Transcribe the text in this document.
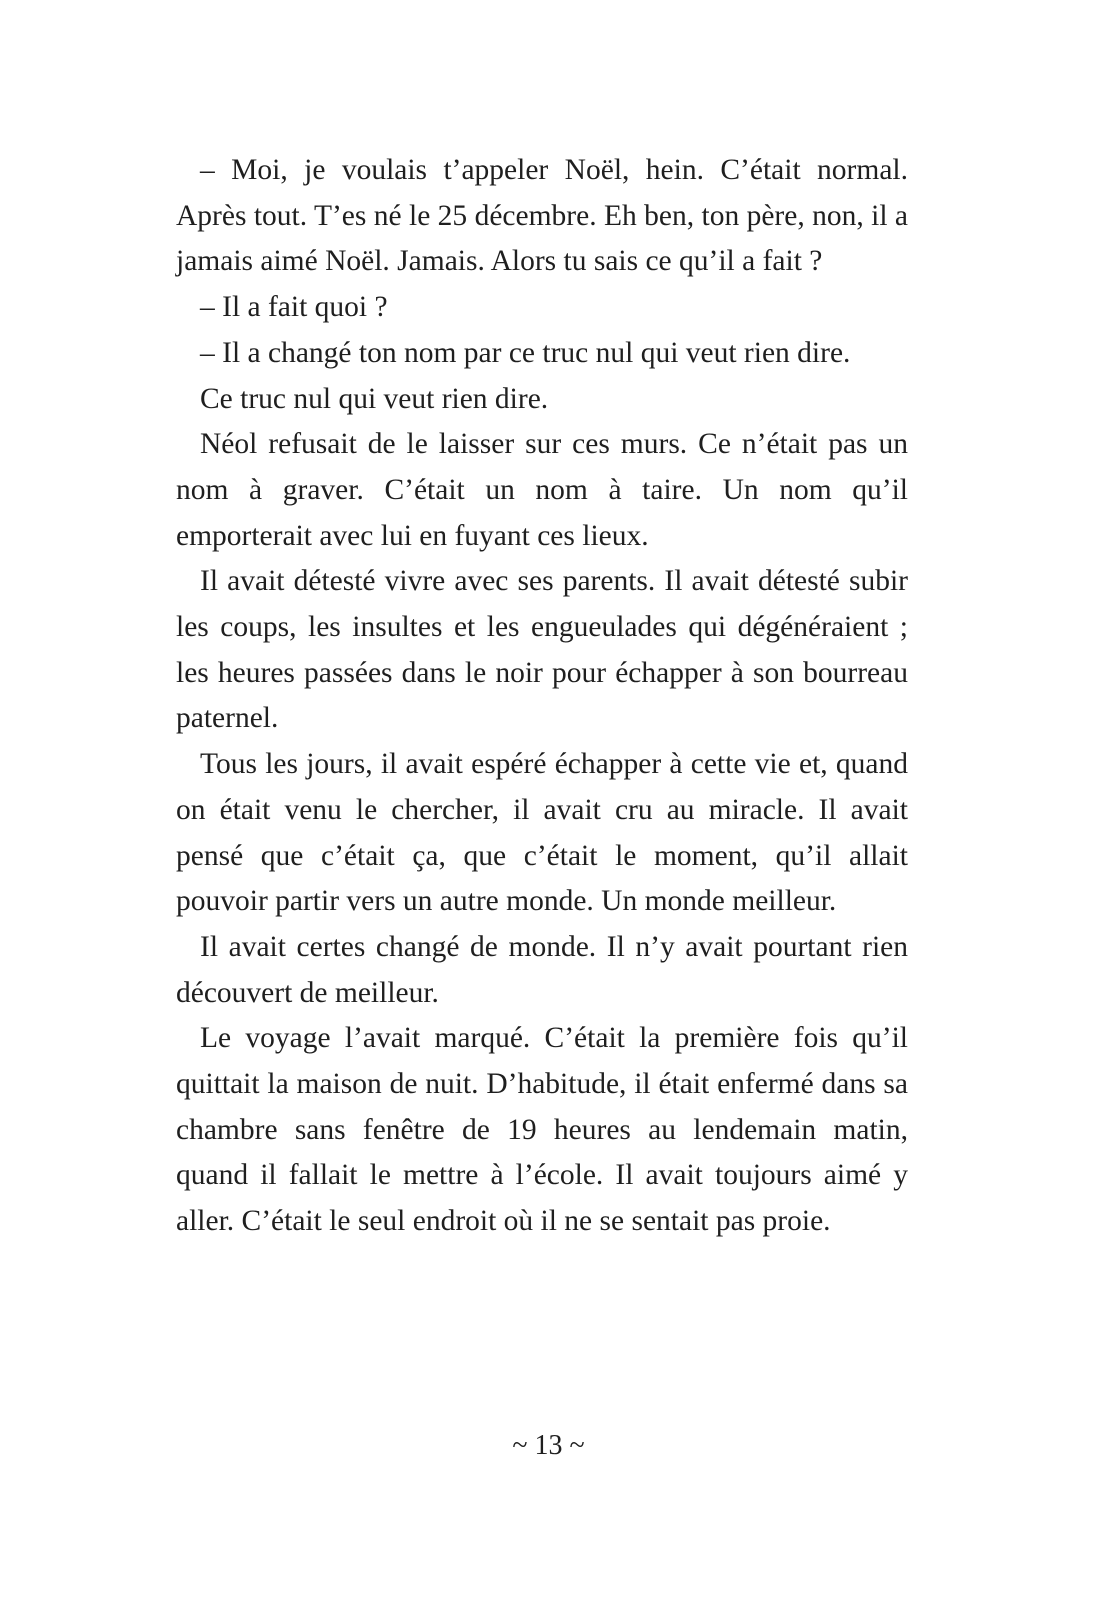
– Moi, je voulais t’appeler Noël, hein. C’était normal. Après tout. T’es né le 25 décembre. Eh ben, ton père, non, il a jamais aimé Noël. Jamais. Alors tu sais ce qu’il a fait ?

– Il a fait quoi ?

– Il a changé ton nom par ce truc nul qui veut rien dire.

Ce truc nul qui veut rien dire.

Néol refusait de le laisser sur ces murs. Ce n’était pas un nom à graver. C’était un nom à taire. Un nom qu’il emporterait avec lui en fuyant ces lieux.

Il avait détesté vivre avec ses parents. Il avait détesté subir les coups, les insultes et les engueulades qui dégénéraient ; les heures passées dans le noir pour échapper à son bourreau paternel.

Tous les jours, il avait espéré échapper à cette vie et, quand on était venu le chercher, il avait cru au miracle. Il avait pensé que c’était ça, que c’était le moment, qu’il allait pouvoir partir vers un autre monde. Un monde meilleur.

Il avait certes changé de monde. Il n’y avait pourtant rien découvert de meilleur.

Le voyage l’avait marqué. C’était la première fois qu’il quittait la maison de nuit. D’habitude, il était enfermé dans sa chambre sans fenêtre de 19 heures au lendemain matin, quand il fallait le mettre à l’école. Il avait toujours aimé y aller. C’était le seul endroit où il ne se sentait pas proie.

~ 13 ~
